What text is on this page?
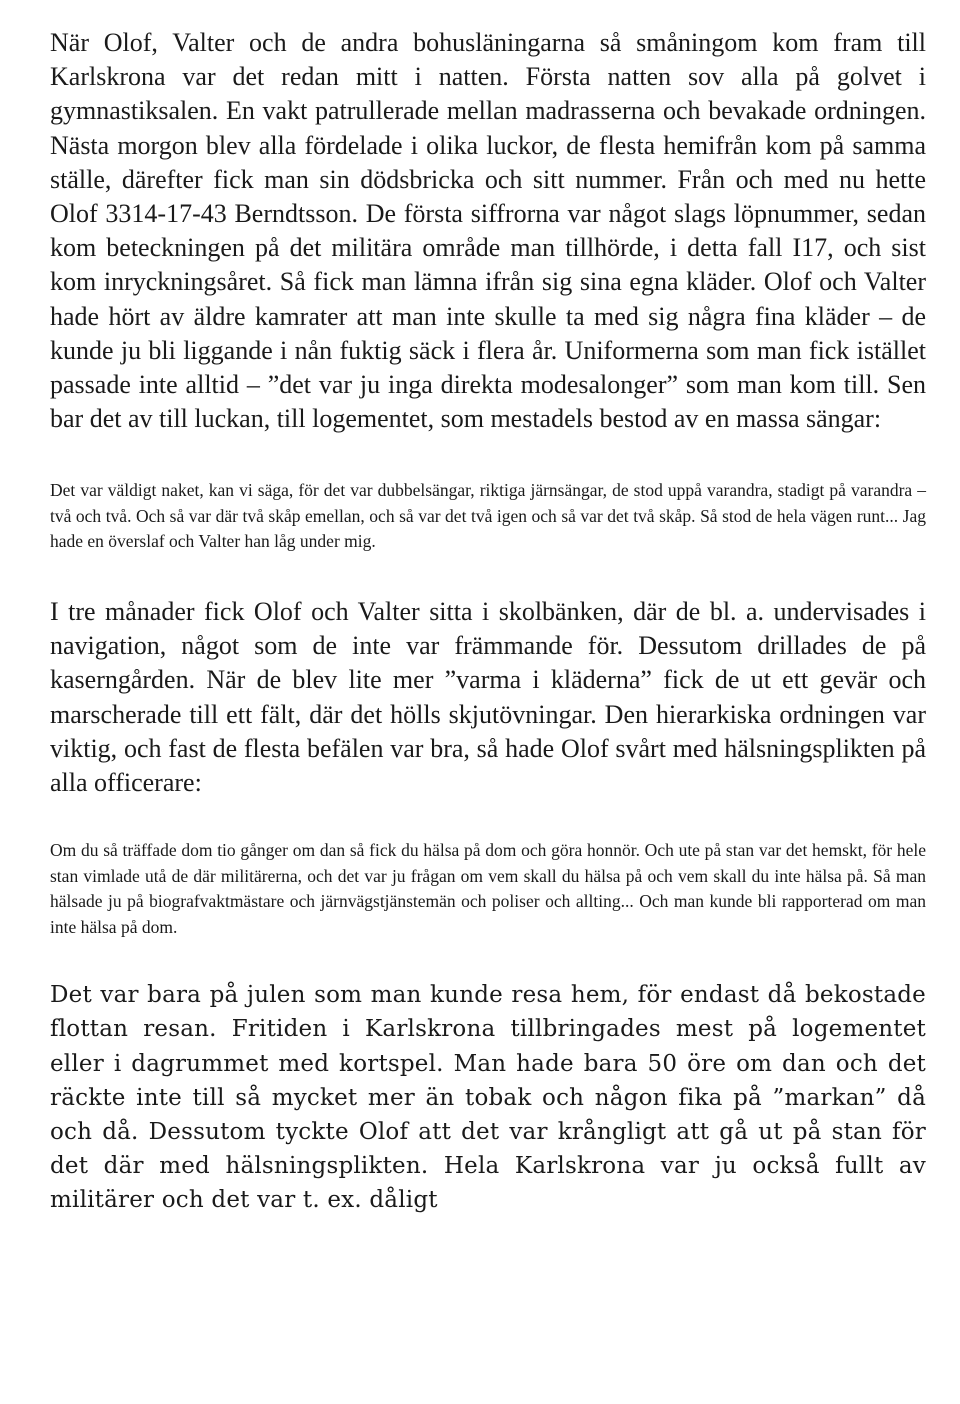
När Olof, Valter och de andra bohusläningarna så småningom kom fram till Karlskrona var det redan mitt i natten. Första natten sov alla på golvet i gymnastiksalen. En vakt patrullerade mellan madrasserna och bevakade ordningen. Nästa morgon blev alla fördelade i olika luckor, de flesta hemifrån kom på samma ställe, därefter fick man sin dödsbricka och sitt nummer. Från och med nu hette Olof 3314-17-43 Berndtsson. De första siffrorna var något slags löpnummer, sedan kom beteckningen på det militära område man tillhörde, i detta fall I17, och sist kom inryckningsåret. Så fick man lämna ifrån sig sina egna kläder. Olof och Valter hade hört av äldre kamrater att man inte skulle ta med sig några fina kläder – de kunde ju bli liggande i nån fuktig säck i flera år. Uniformerna som man fick istället passade inte alltid – ”det var ju inga direkta modesalonger” som man kom till. Sen bar det av till luckan, till logementet, som mestadels bestod av en massa sängar:

Det var väldigt naket, kan vi säga, för det var dubbelsängar, riktiga järnsängar, de stod uppå varandra, stadigt på varandra – två och två. Och så var där två skåp emellan, och så var det två igen och så var det två skåp. Så stod de hela vägen runt... Jag hade en överslaf och Valter han låg under mig.

I tre månader fick Olof och Valter sitta i skolbänken, där de bl. a. undervisades i navigation, något som de inte var främmande för. Dessutom drillades de på kaserngården. När de blev lite mer ”varma i kläderna” fick de ut ett gevär och marscherade till ett fält, där det hölls skjutövningar. Den hierarkiska ordningen var viktig, och fast de flesta befälen var bra, så hade Olof svårt med hälsningsplikten på alla officerare:

Om du så träffade dom tio gånger om dan så fick du hälsa på dom och göra honnör. Och ute på stan var det hemskt, för hele stan vimlade utå de där militärerna, och det var ju frågan om vem skall du hälsa på och vem skall du inte hälsa på. Så man hälsade ju på biografvaktmästare och järnvägstjänstemän och poliser och allting... Och man kunde bli rapporterad om man inte hälsa på dom.

Det var bara på julen som man kunde resa hem, för endast då bekostade flottan resan. Fritiden i Karlskrona tillbringades mest på logementet eller i dagrummet med kortspel. Man hade bara 50 öre om dan och det räckte inte till så mycket mer än tobak och någon fika på ”markan” då och då. Dessutom tyckte Olof att det var krångligt att gå ut på stan för det där med hälsningsplikten. Hela Karlskrona var ju också fullt av militärer och det var t. ex. dåligt
